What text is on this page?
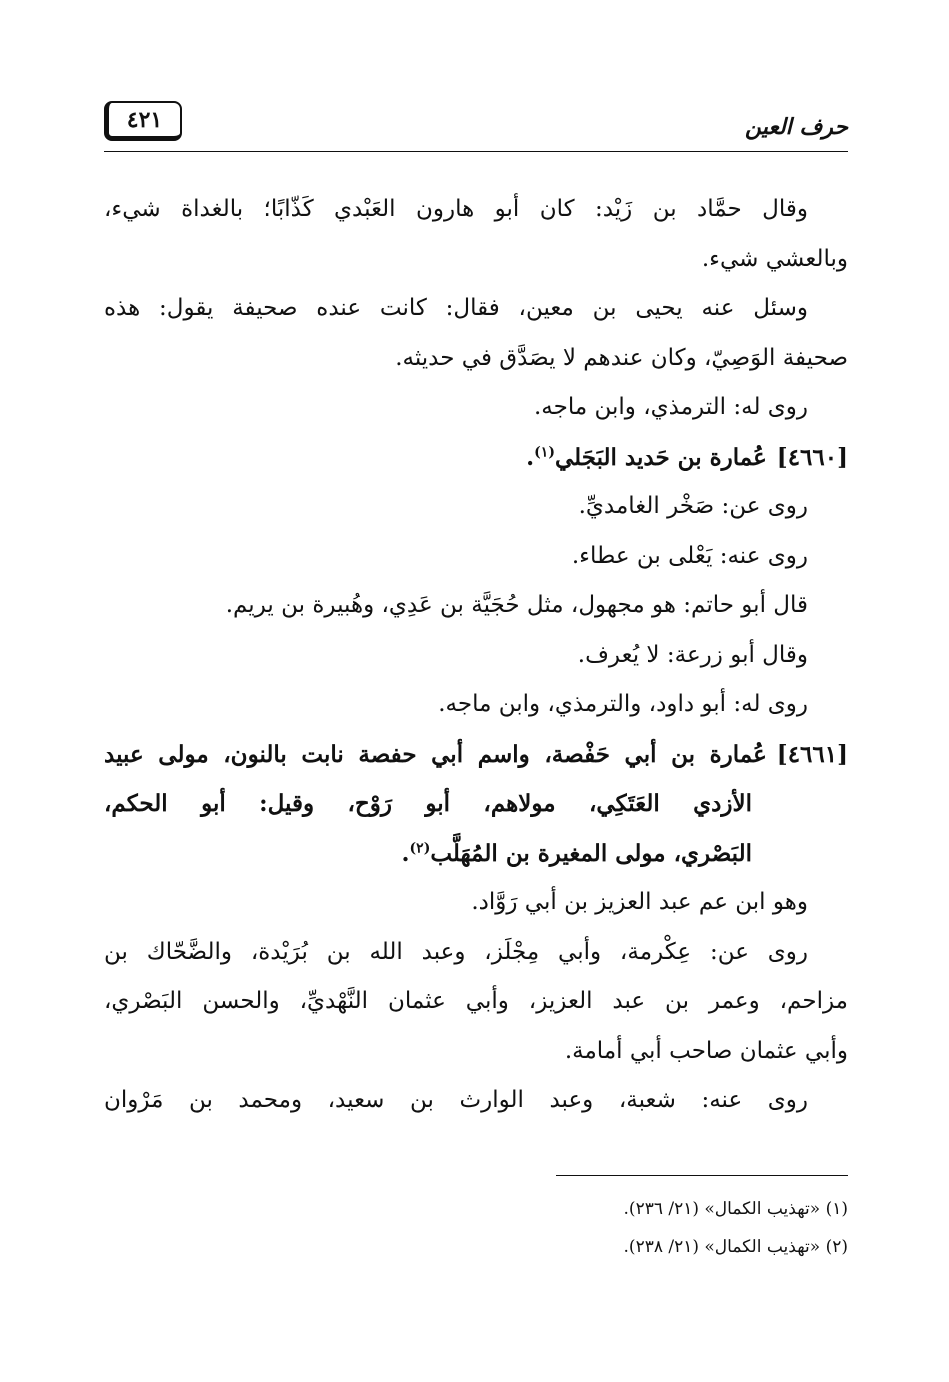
٤٢١	حرف العين
وقال حمَّاد بن زَيْد: كان أبو هارون العَبْدي كَذّابًا؛ بالغداة شيء،
وبالعشي شيء.
وسئل عنه يحيى بن معين، فقال: كانت عنده صحيفة يقول: هذه
صحيفة الوَصِيّ، وكان عندهم لا يصَدَّق في حديثه.
روى له: الترمذي، وابن ماجه.
[٤٦٦٠]عُمارة بن حَديد البَجَلي$^{(١)}$.
روى عن: صَخْر الغامديِّ.
روى عنه: يَعْلى بن عطاء.
قال أبو حاتم: هو مجهول، مثل حُجَيَّة بن عَدِي، وهُبيرة بن يريم.
وقال أبو زرعة: لا يُعرف.
روى له: أبو داود، والترمذي، وابن ماجه.
[٤٦٦١]عُمارة بن أبي حَفْصة، واسم أبي حفصة نابت بالنون، مولى عبيد
الأزدي العَتَكِي، مولاهم، أبو رَوْح، وقيل: أبو الحكم،
البَصْري، مولى المغيرة بن المُهَلَّب$^{(٢)}$.
وهو ابن عم عبد العزيز بن أبي رَوَّاد.
روى عن: عِكْرمة، وأبي مِجْلَز، وعبد الله بن بُرَيْدة، والضَّحّاك بن
مزاحم، وعمر بن عبد العزيز، وأبي عثمان النَّهْديِّ، والحسن البَصْري،
وأبي عثمان صاحب أبي أمامة.
روى عنه: شعبة، وعبد الوارث بن سعيد، ومحمد بن مَرْوان
(١) «تهذيب الكمال» (٢١/ ٢٣٦).
(٢) «تهذيب الكمال» (٢١/ ٢٣٨).
